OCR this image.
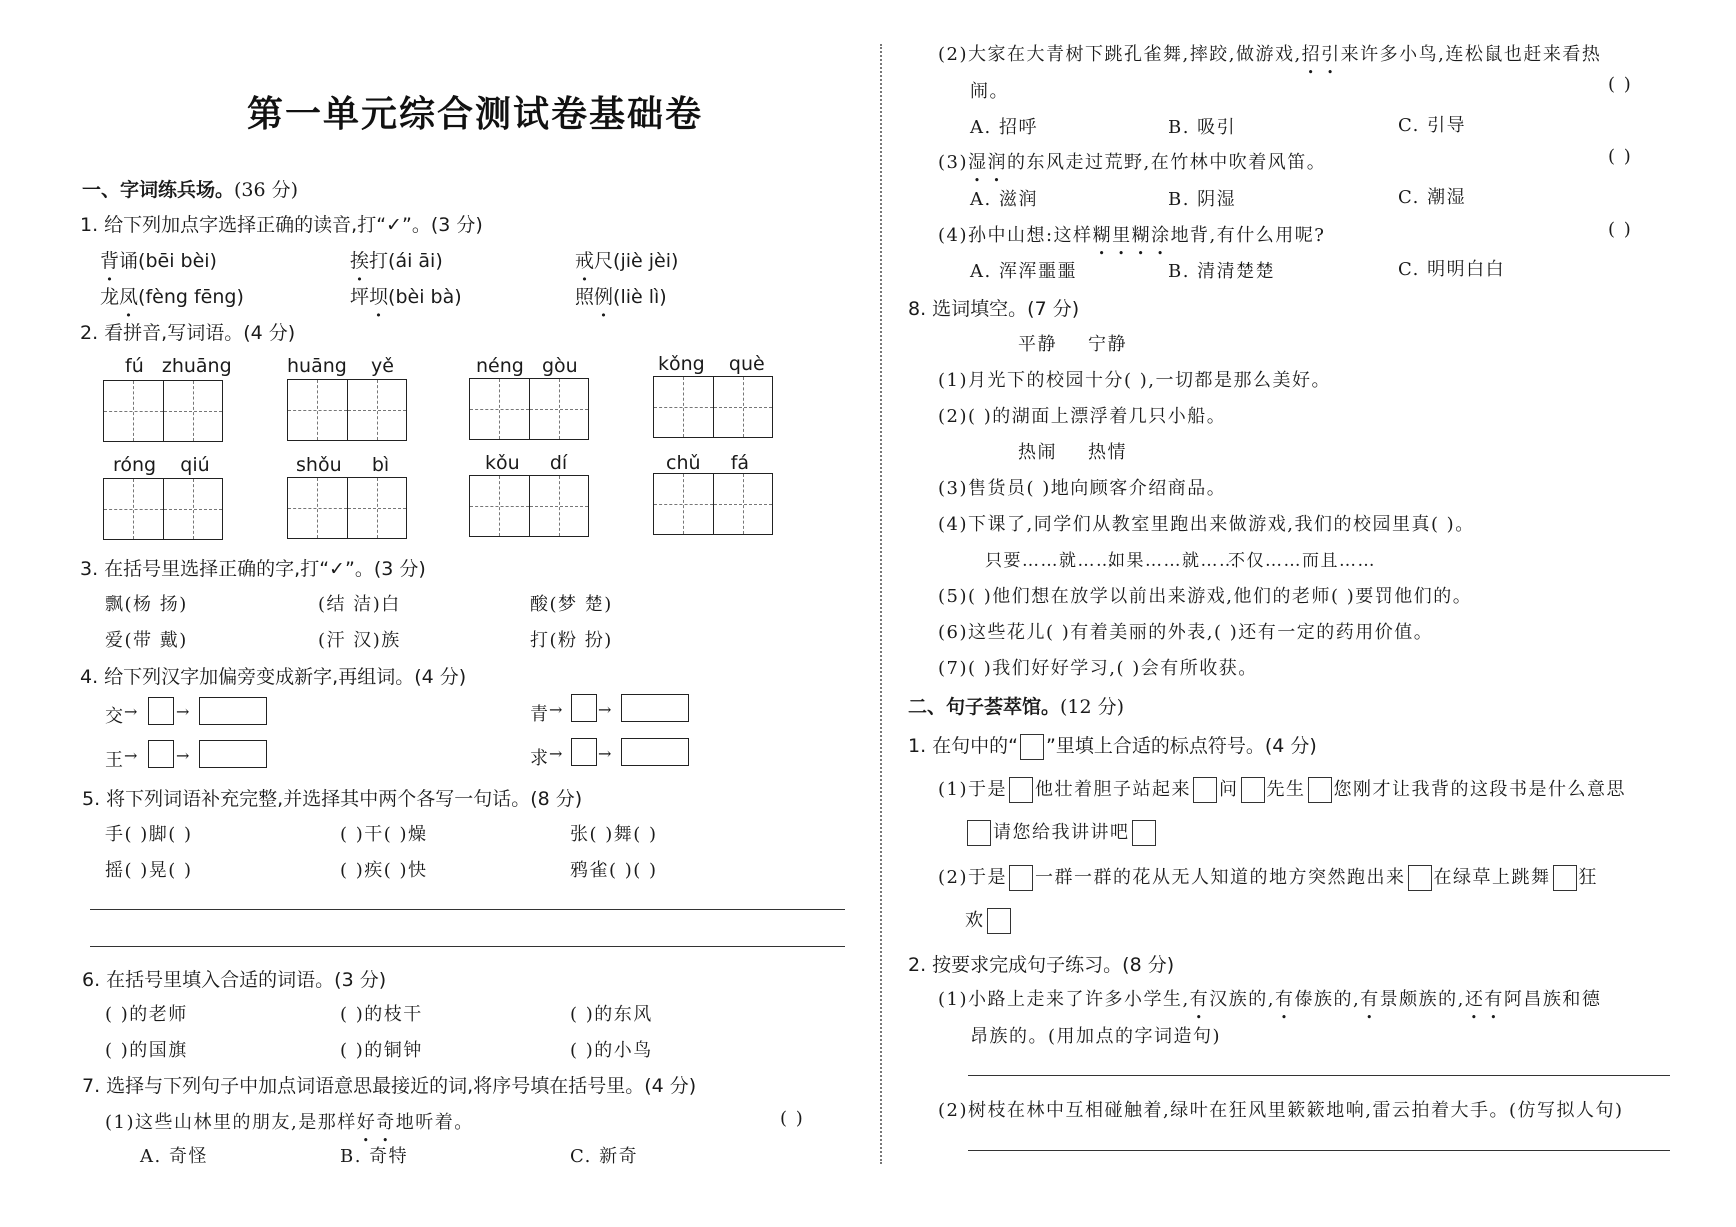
第一单元综合测试卷基础卷
一、字词练兵场。(36 分)
1. 给下列加点字选择正确的读音,打“✓”。(3 分)
背诵(bēi bèi)	挨打(ái āi)	戒尺(jiè jèi)
龙凤(fèng fēng)	坪坝(bèi bà)	照例(liè lì)
2. 看拼音,写词语。(4 分)
fú zhuāng	huāng yě	néng gòu	kǒng què
róng qiú	shǒu bì	kǒu dí	chǔ fá
3. 在括号里选择正确的字,打“✓”。(3 分)
飘(杨 扬)	(结 洁)白	酸(梦 楚)
爱(带 戴)	(汗 汉)族	打(粉 扮)
4. 给下列汉字加偏旁变成新字,再组词。(4 分)
交 → →	青 → →
王 → →	求 → →
5. 将下列词语补充完整,并选择其中两个各写一句话。(8 分)
手( )脚( )	( )干( )燥	张( )舞( )
摇( )晃( )	( )疾( )快	鸦雀( )( )
6. 在括号里填入合适的词语。(3 分)
( )的老师	( )的枝干	( )的东风
( )的国旗	( )的铜钟	( )的小鸟
7. 选择与下列句子中加点词语意思最接近的词,将序号填在括号里。(4 分)
(1)这些山林里的朋友,是那样好奇地听着。	( )
A. 奇怪	B. 奇特	C. 新奇
(2)大家在大青树下跳孔雀舞,摔跤,做游戏,招引来许多小鸟,连松鼠也赶来看热
闹。	( )
A. 招呼	B. 吸引	C. 引导
(3)湿润的东风走过荒野,在竹林中吹着风笛。	( )
A. 滋润	B. 阴湿	C. 潮湿
(4)孙中山想:这样糊里糊涂地背,有什么用呢?	( )
A. 浑浑噩噩	B. 清清楚楚	C. 明明白白
8. 选词填空。(7 分)
平静 宁静
(1)月光下的校园十分( ),一切都是那么美好。
(2)( )的湖面上漂浮着几只小船。
热闹 热情
(3)售货员( )地向顾客介绍商品。
(4)下课了,同学们从教室里跑出来做游戏,我们的校园里真( )。
只要……就……
如果……就……
不仅……而且……
(5)( )他们想在放学以前出来游戏,他们的老师( )要罚他们的。
(6)这些花儿( )有着美丽的外表,( )还有一定的药用价值。
(7)( )我们好好学习,( )会有所收获。
二、句子荟萃馆。(12 分)
1. 在句中的“ ”里填上合适的标点符号。(4 分)
(1)于是 他壮着胆子站起来 问 先生 您刚才让我背的这段书是什么意思
请您给我讲讲吧
(2)于是 一群一群的花从无人知道的地方突然跑出来 在绿草上跳舞 狂
欢
2. 按要求完成句子练习。(8 分)
(1)小路上走来了许多小学生,有汉族的,有傣族的,有景颇族的,还有阿昌族和德
昂族的。(用加点的字词造句)
(2)树枝在林中互相碰触着,绿叶在狂风里簌簌地响,雷云拍着大手。(仿写拟人句)
